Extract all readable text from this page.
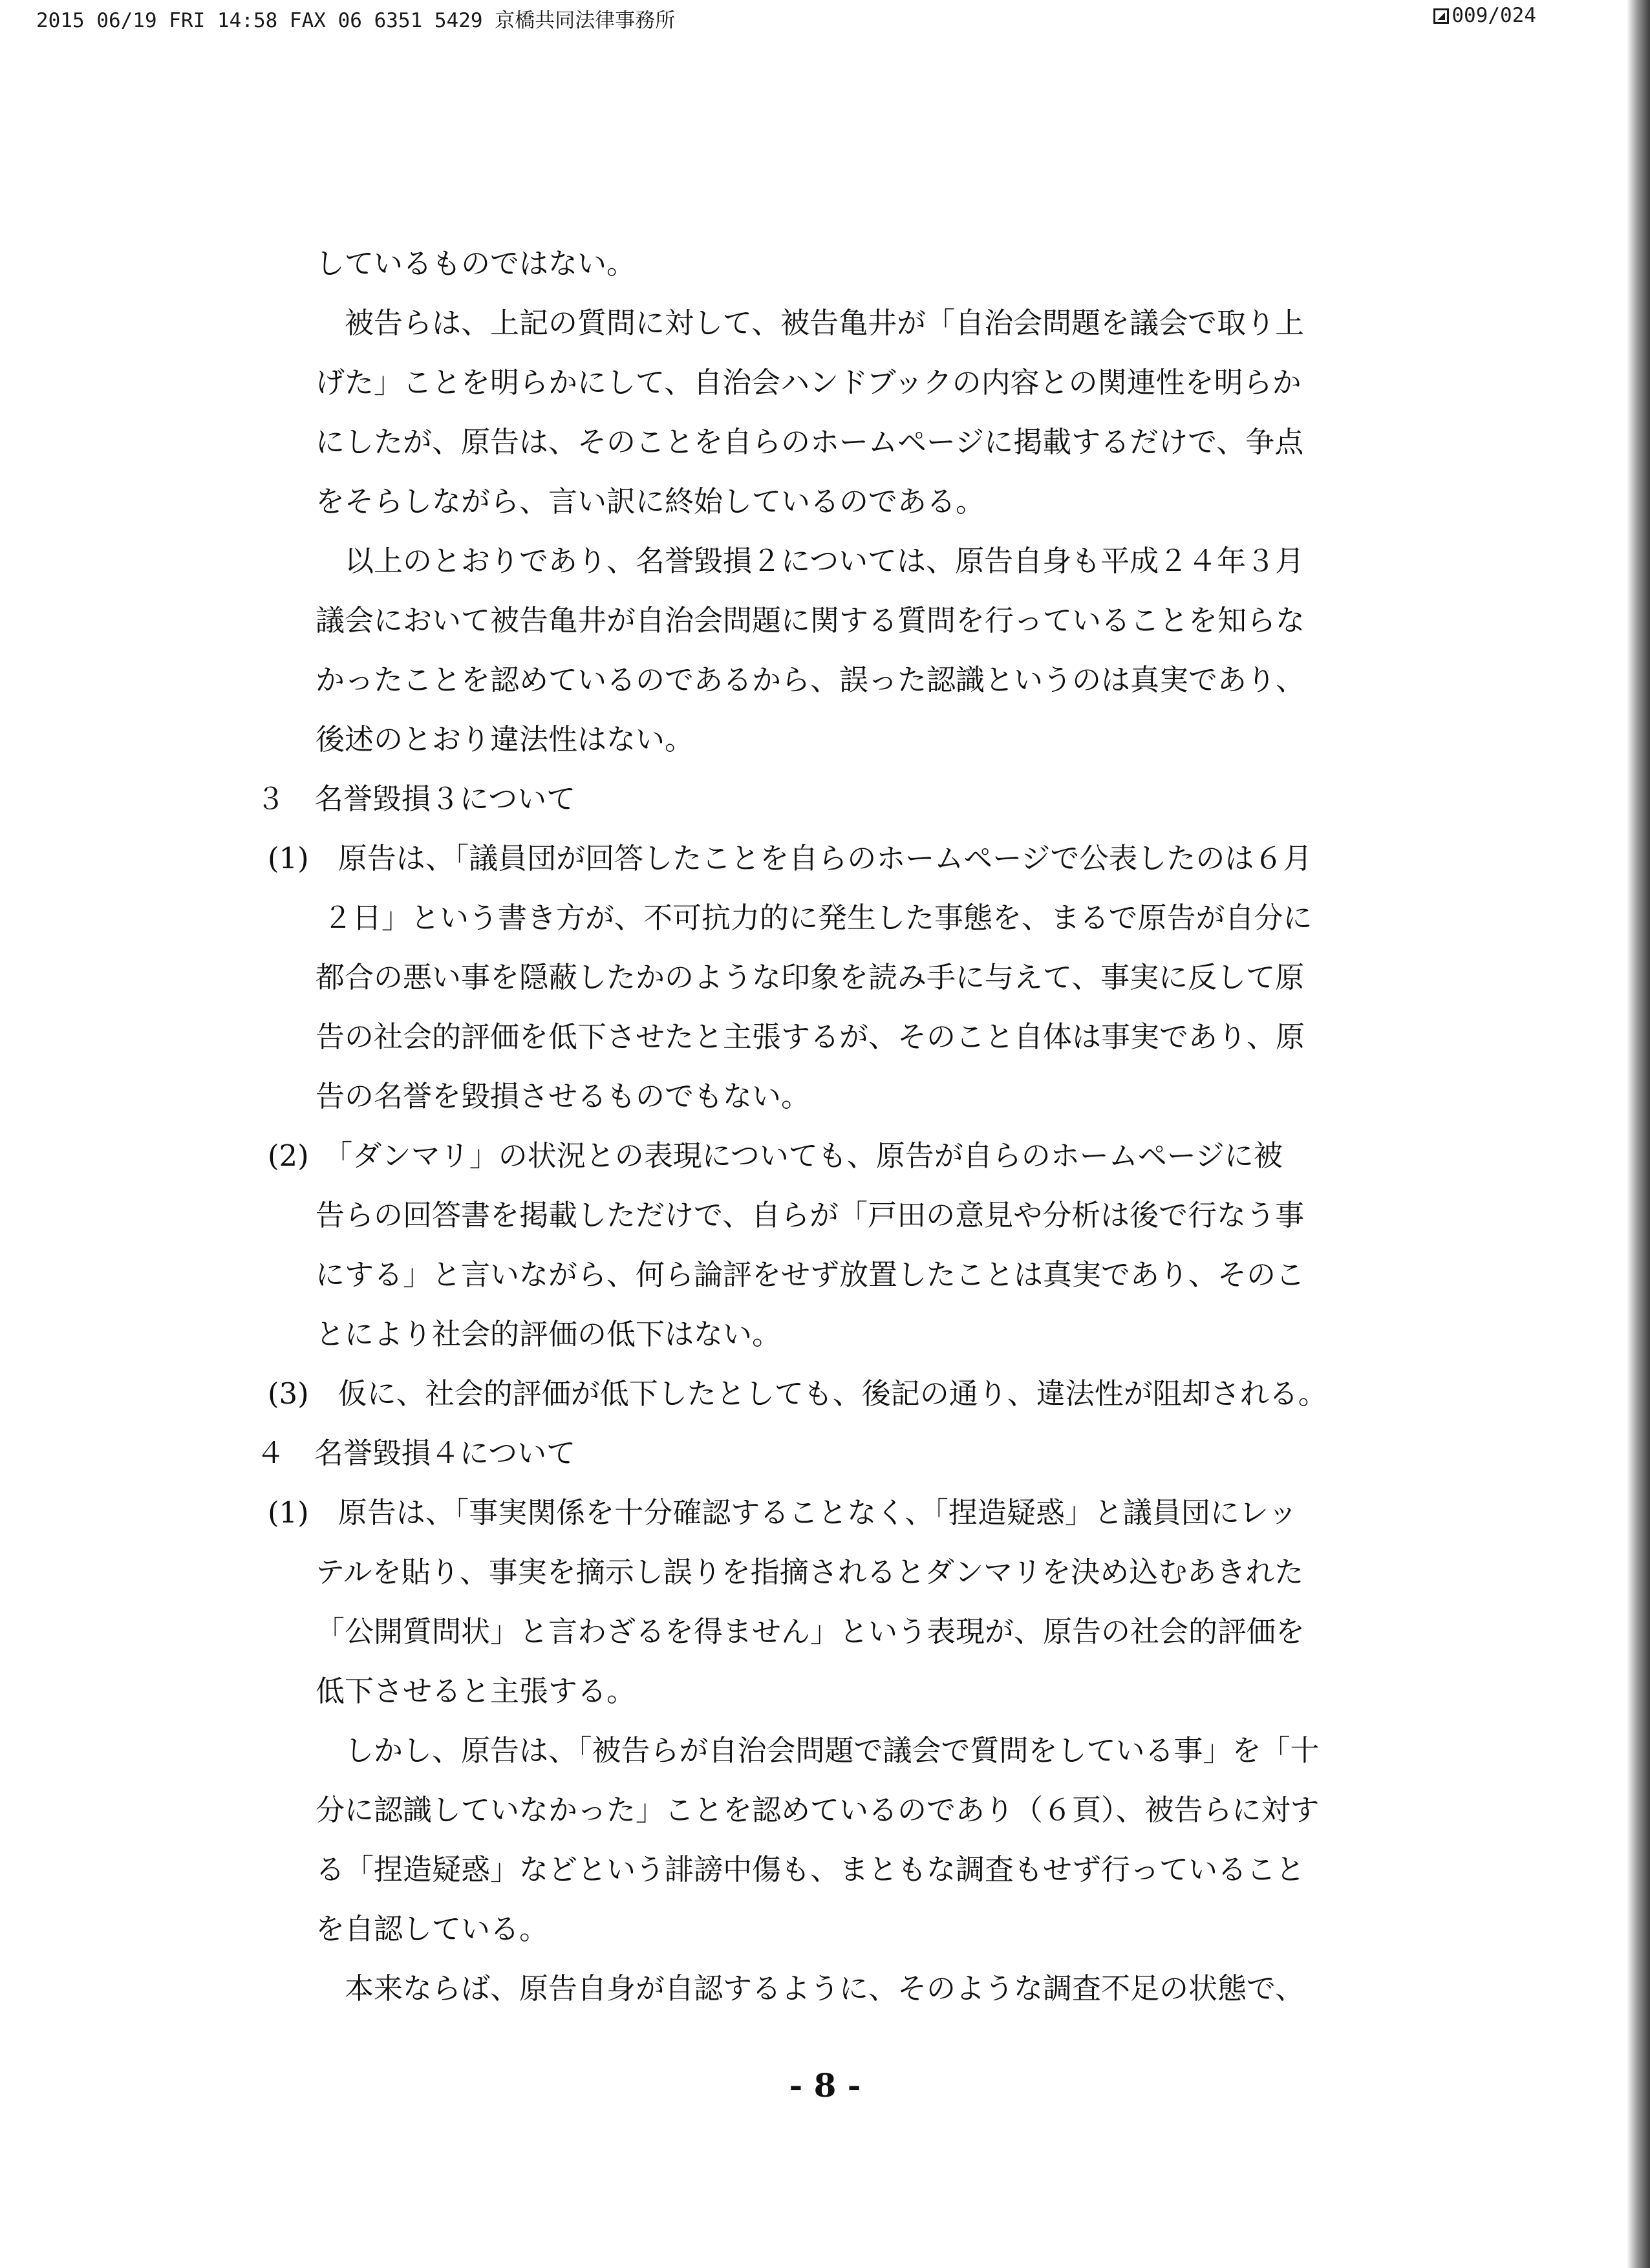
2015 06/19 FRI 14:58 FAX 06 6351 5429 京橋共同法律事務所	009/024
しているものではない。
被告らは、上記の質問に対して、被告亀井が「自治会問題を議会で取り上
げた」ことを明らかにして、自治会ハンドブックの内容との関連性を明らか
にしたが、原告は、そのことを自らのホームページに掲載するだけで、争点
をそらしながら、言い訳に終始しているのである。
以上のとおりであり、名誉毀損２については、原告自身も平成２４年３月
議会において被告亀井が自治会問題に関する質問を行っていることを知らな
かったことを認めているのであるから、誤った認識というのは真実であり、
後述のとおり違法性はない。
３　名誉毀損３について
(1)　原告は、「議員団が回答したことを自らのホームページで公表したのは６月
２日」という書き方が、不可抗力的に発生した事態を、まるで原告が自分に
都合の悪い事を隠蔽したかのような印象を読み手に与えて、事実に反して原
告の社会的評価を低下させたと主張するが、そのこと自体は事実であり、原
告の名誉を毀損させるものでもない。
(2)　「ダンマリ」の状況との表現についても、原告が自らのホームページに被
告らの回答書を掲載しただけで、自らが「戸田の意見や分析は後で行なう事
にする」と言いながら、何ら論評をせず放置したことは真実であり、そのこ
とにより社会的評価の低下はない。
(3)　仮に、社会的評価が低下したとしても、後記の通り、違法性が阻却される。
４　名誉毀損４について
(1)　原告は、「事実関係を十分確認することなく、「捏造疑惑」と議員団にレッ
テルを貼り、事実を摘示し誤りを指摘されるとダンマリを決め込むあきれた
「公開質問状」と言わざるを得ません」という表現が、原告の社会的評価を
低下させると主張する。
しかし、原告は、「被告らが自治会問題で議会で質問をしている事」を「十
分に認識していなかった」ことを認めているのであり（６頁）、被告らに対す
る「捏造疑惑」などという誹謗中傷も、まともな調査もせず行っていること
を自認している。
本来ならば、原告自身が自認するように、そのような調査不足の状態で、
- 8 -
